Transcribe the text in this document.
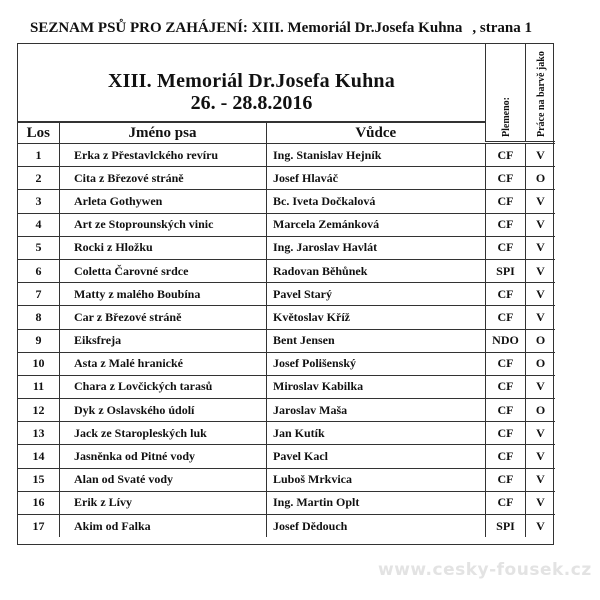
SEZNAM PSŮ PRO ZAHÁJENÍ: XIII. Memoriál Dr.Josefa Kuhna , strana 1
XIII. Memoriál Dr.Josefa Kuhna
26. - 28.8.2016	Plemeno: Práce na barvě jako
Los	Jméno psa	Vůdce
1	Erka z Přestavlckého revíru	Ing. Stanislav Hejník	CF	V
2	Cita z Březové stráně	Josef Hlaváč	CF	O
3	Arleta Gothywen	Bc. Iveta Dočkalová	CF	V
4	Art ze Stoprounských vinic	Marcela Zemánková	CF	V
5	Rocki z Hložku	Ing. Jaroslav Havlát	CF	V
6	Coletta Čarovné srdce	Radovan Běhůnek	SPI	V
7	Matty z malého Boubína	Pavel Starý	CF	V
8	Car z Březové stráně	Květoslav Kříž	CF	V
9	Eiksfreja	Bent Jensen	NDO	O
10	Asta z Malé hranické	Josef Polišenský	CF	O
11	Chara z Lovčických tarasů	Miroslav Kabilka	CF	V
12	Dyk z Oslavského údolí	Jaroslav Maša	CF	O
13	Jack ze Staropleských luk	Jan Kutík	CF	V
14	Jasněnka od Pitné vody	Pavel Kacl	CF	V
15	Alan od Svaté vody	Luboš Mrkvica	CF	V
16	Erik z Lívy	Ing. Martin Oplt	CF	V
17	Akim od Falka	Josef Dědouch	SPI	V
www.cesky-fousek.cz
